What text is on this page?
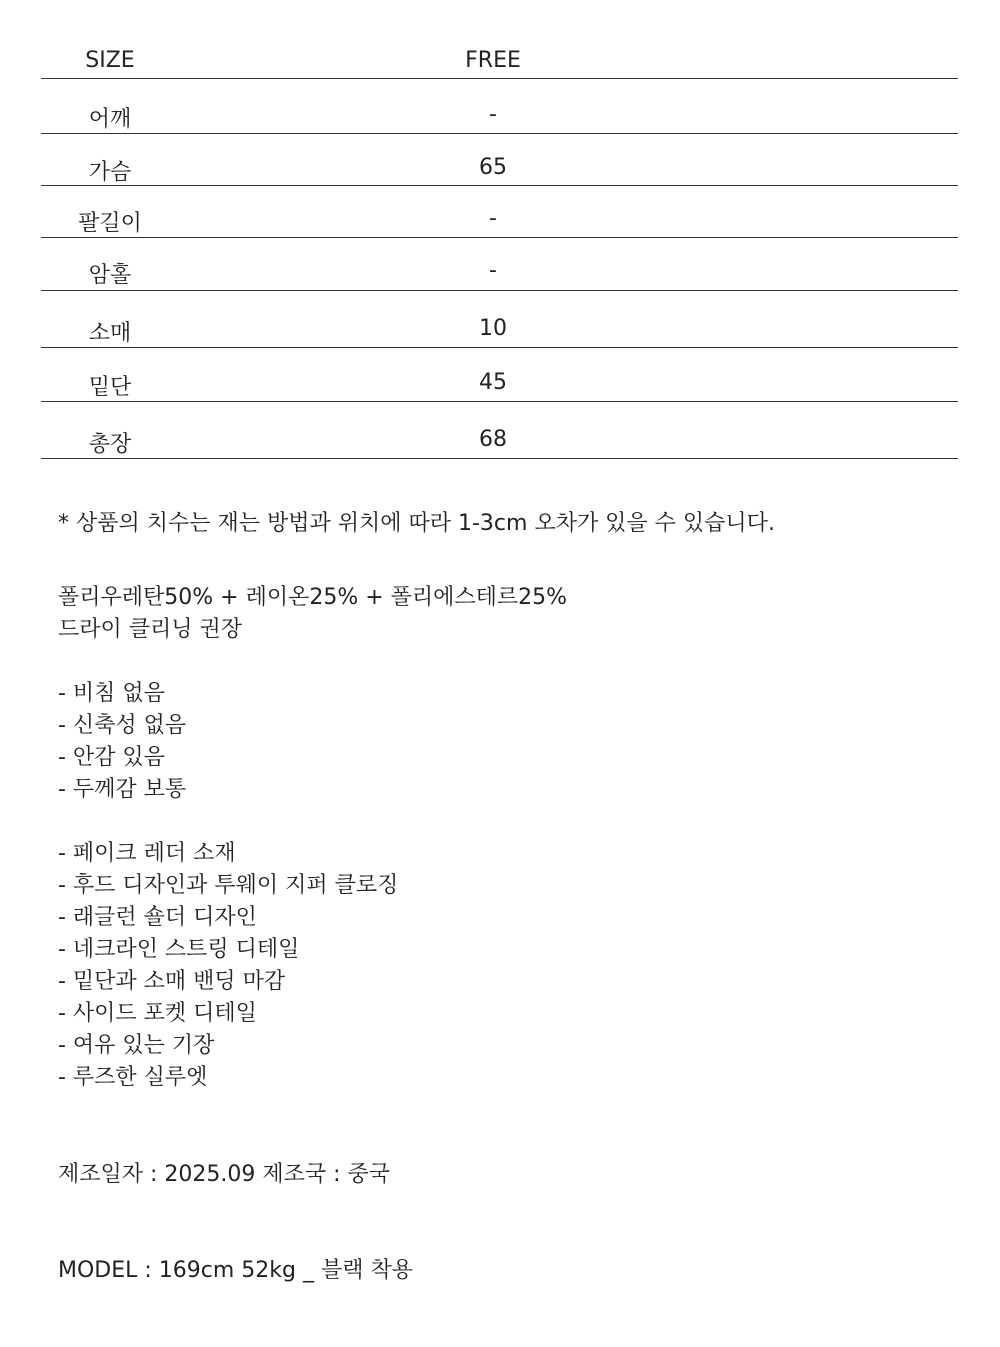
SIZE	FREE
어깨	-
가슴	65
팔길이	-
암홀	-
소매	10
밑단	45
총장	68
* 상품의 치수는 재는 방법과 위치에 따라 1-3cm 오차가 있을 수 있습니다.
폴리우레탄50% + 레이온25% + 폴리에스테르25%
드라이 클리닝 권장
- 비침 없음
- 신축성 없음
- 안감 있음
- 두께감 보통
- 페이크 레더 소재
- 후드 디자인과 투웨이 지퍼 클로징
- 래글런 숄더 디자인
- 네크라인 스트링 디테일
- 밑단과 소매 밴딩 마감
- 사이드 포켓 디테일
- 여유 있는 기장
- 루즈한 실루엣
제조일자 : 2025.09 제조국 : 중국
MODEL : 169cm 52kg _ 블랙 착용
